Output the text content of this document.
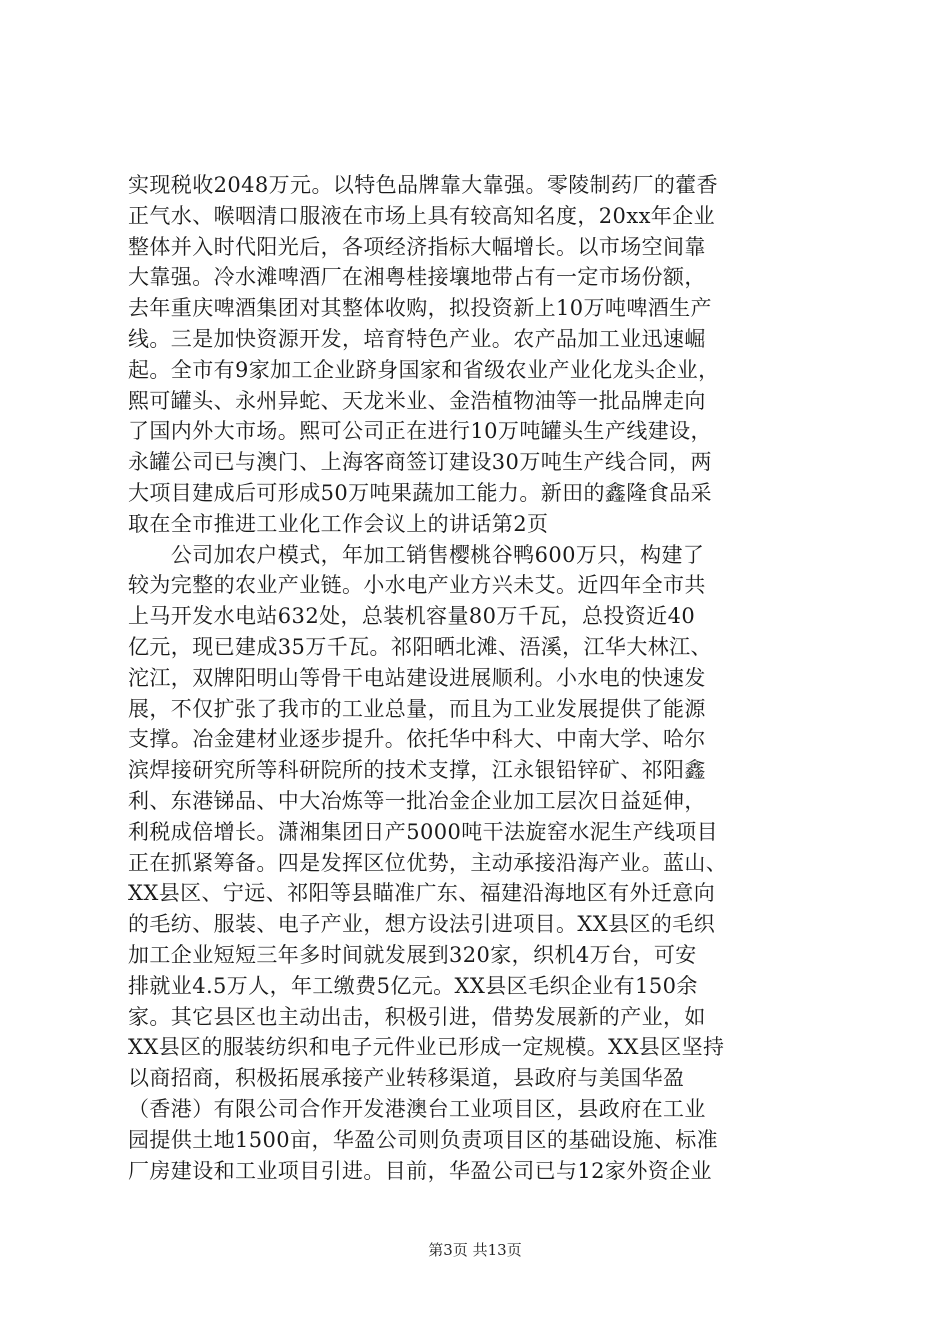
实现税收2048万元。以特色品牌靠大靠强。零陵制药厂的藿香
正气水、喉咽清口服液在市场上具有较高知名度，20xx年企业
整体并入时代阳光后，各项经济指标大幅增长。以市场空间靠
大靠强。冷水滩啤酒厂在湘粤桂接壤地带占有一定市场份额，
去年重庆啤酒集团对其整体收购，拟投资新上10万吨啤酒生产
线。三是加快资源开发，培育特色产业。农产品加工业迅速崛
起。全市有9家加工企业跻身国家和省级农业产业化龙头企业，
熙可罐头、永州异蛇、天龙米业、金浩植物油等一批品牌走向
了国内外大市场。熙可公司正在进行10万吨罐头生产线建设，
永罐公司已与澳门、上海客商签订建设30万吨生产线合同，两
大项目建成后可形成50万吨果蔬加工能力。新田的鑫隆食品采
取在全市推进工业化工作会议上的讲话第2页
　　公司加农户模式，年加工销售樱桃谷鸭600万只，构建了
较为完整的农业产业链。小水电产业方兴未艾。近四年全市共
上马开发水电站632处，总装机容量80万千瓦，总投资近40
亿元，现已建成35万千瓦。祁阳晒北滩、浯溪，江华大林江、
沱江，双牌阳明山等骨干电站建设进展顺利。小水电的快速发
展，不仅扩张了我市的工业总量，而且为工业发展提供了能源
支撑。冶金建材业逐步提升。依托华中科大、中南大学、哈尔
滨焊接研究所等科研院所的技术支撑，江永银铅锌矿、祁阳鑫
利、东港锑品、中大冶炼等一批冶金企业加工层次日益延伸，
利税成倍增长。潇湘集团日产5000吨干法旋窑水泥生产线项目
正在抓紧筹备。四是发挥区位优势，主动承接沿海产业。蓝山、
XX县区、宁远、祁阳等县瞄准广东、福建沿海地区有外迁意向
的毛纺、服装、电子产业，想方设法引进项目。XX县区的毛织
加工企业短短三年多时间就发展到320家，织机4万台，可安
排就业4.5万人，年工缴费5亿元。XX县区毛织企业有150余
家。其它县区也主动出击，积极引进，借势发展新的产业，如
XX县区的服装纺织和电子元件业已形成一定规模。XX县区坚持
以商招商，积极拓展承接产业转移渠道，县政府与美国华盈
（香港）有限公司合作开发港澳台工业项目区，县政府在工业
园提供土地1500亩，华盈公司则负责项目区的基础设施、标准
厂房建设和工业项目引进。目前，华盈公司已与12家外资企业
第3页 共13页
